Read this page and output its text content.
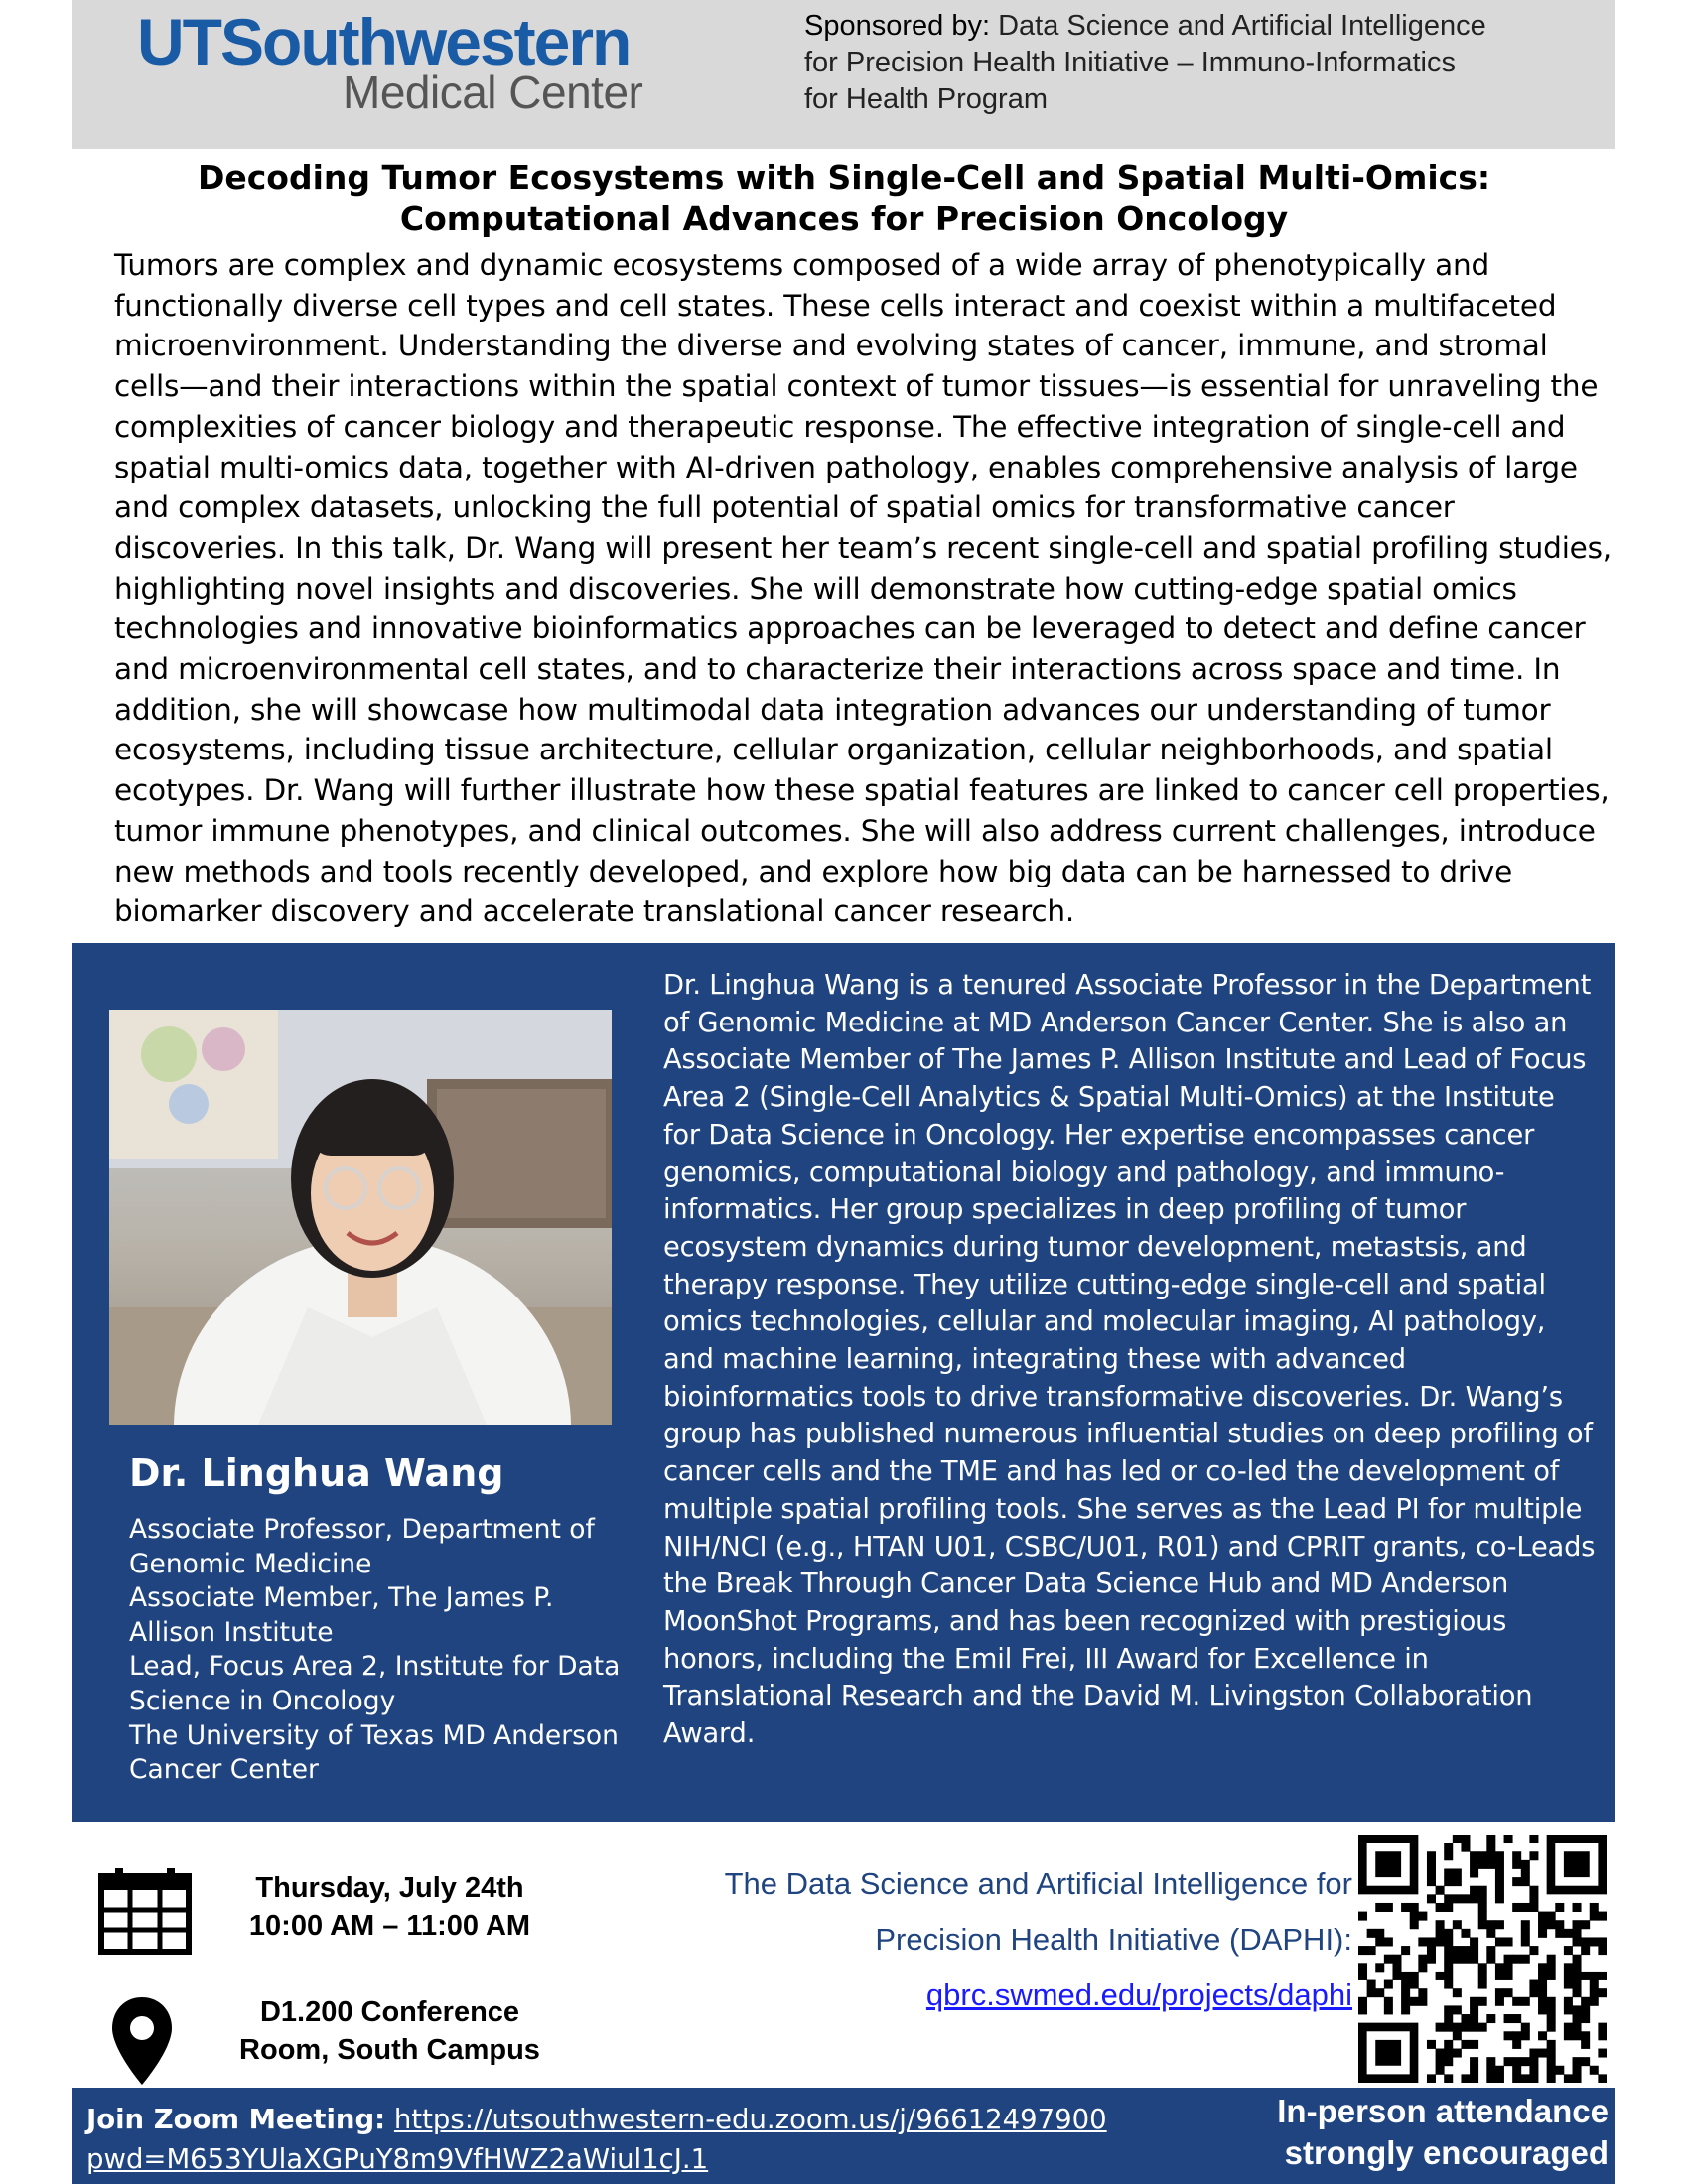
UTSouthwestern
Medical Center
Sponsored by: Data Science and Artificial Intelligence
for Precision Health Initiative – Immuno-Informatics
for Health Program
Decoding Tumor Ecosystems with Single-Cell and Spatial Multi-Omics: Computational Advances for Precision Oncology
Tumors are complex and dynamic ecosystems composed of a wide array of phenotypically and functionally diverse cell types and cell states. These cells interact and coexist within a multifaceted microenvironment. Understanding the diverse and evolving states of cancer, immune, and stromal cells—and their interactions within the spatial context of tumor tissues—is essential for unraveling the complexities of cancer biology and therapeutic response. The effective integration of single-cell and spatial multi-omics data, together with AI-driven pathology, enables comprehensive analysis of large and complex datasets, unlocking the full potential of spatial omics for transformative cancer discoveries. In this talk, Dr. Wang will present her team’s recent single-cell and spatial profiling studies, highlighting novel insights and discoveries. She will demonstrate how cutting-edge spatial omics technologies and innovative bioinformatics approaches can be leveraged to detect and define cancer and microenvironmental cell states, and to characterize their interactions across space and time. In addition, she will showcase how multimodal data integration advances our understanding of tumor ecosystems, including tissue architecture, cellular organization, cellular neighborhoods, and spatial ecotypes. Dr. Wang will further illustrate how these spatial features are linked to cancer cell properties, tumor immune phenotypes, and clinical outcomes. She will also address current challenges, introduce new methods and tools recently developed, and explore how big data can be harnessed to drive biomarker discovery and accelerate translational cancer research.
Dr. Linghua Wang
Associate Professor, Department of Genomic Medicine
Associate Member, The James P. Allison Institute
Lead, Focus Area 2, Institute for Data Science in Oncology
The University of Texas MD Anderson Cancer Center
Dr. Linghua Wang is a tenured Associate Professor in the Department of Genomic Medicine at MD Anderson Cancer Center. She is also an Associate Member of The James P. Allison Institute and Lead of Focus Area 2 (Single-Cell Analytics & Spatial Multi-Omics) at the Institute for Data Science in Oncology. Her expertise encompasses cancer genomics, computational biology and pathology, and immuno-informatics. Her group specializes in deep profiling of tumor ecosystem dynamics during tumor development, metastsis, and therapy response. They utilize cutting-edge single-cell and spatial omics technologies, cellular and molecular imaging, AI pathology, and machine learning, integrating these with advanced bioinformatics tools to drive transformative discoveries. Dr. Wang’s group has published numerous influential studies on deep profiling of cancer cells and the TME and has led or co-led the development of multiple spatial profiling tools. She serves as the Lead PI for multiple NIH/NCI (e.g., HTAN U01, CSBC/U01, R01) and CPRIT grants, co-Leads the Break Through Cancer Data Science Hub and MD Anderson MoonShot Programs, and has been recognized with prestigious honors, including the Emil Frei, III Award for Excellence in Translational Research and the David M. Livingston Collaboration Award.
Thursday, July 24th
10:00 AM – 11:00 AM
D1.200 Conference
Room, South Campus
The Data Science and Artificial Intelligence for
Precision Health Initiative (DAPHI):
qbrc.swmed.edu/projects/daphi
Join Zoom Meeting: https://utsouthwestern-edu.zoom.us/j/96612497900
pwd=M653YUlaXGPuY8m9VfHWZ2aWiul1cJ.1
In-person attendance
strongly encouraged
